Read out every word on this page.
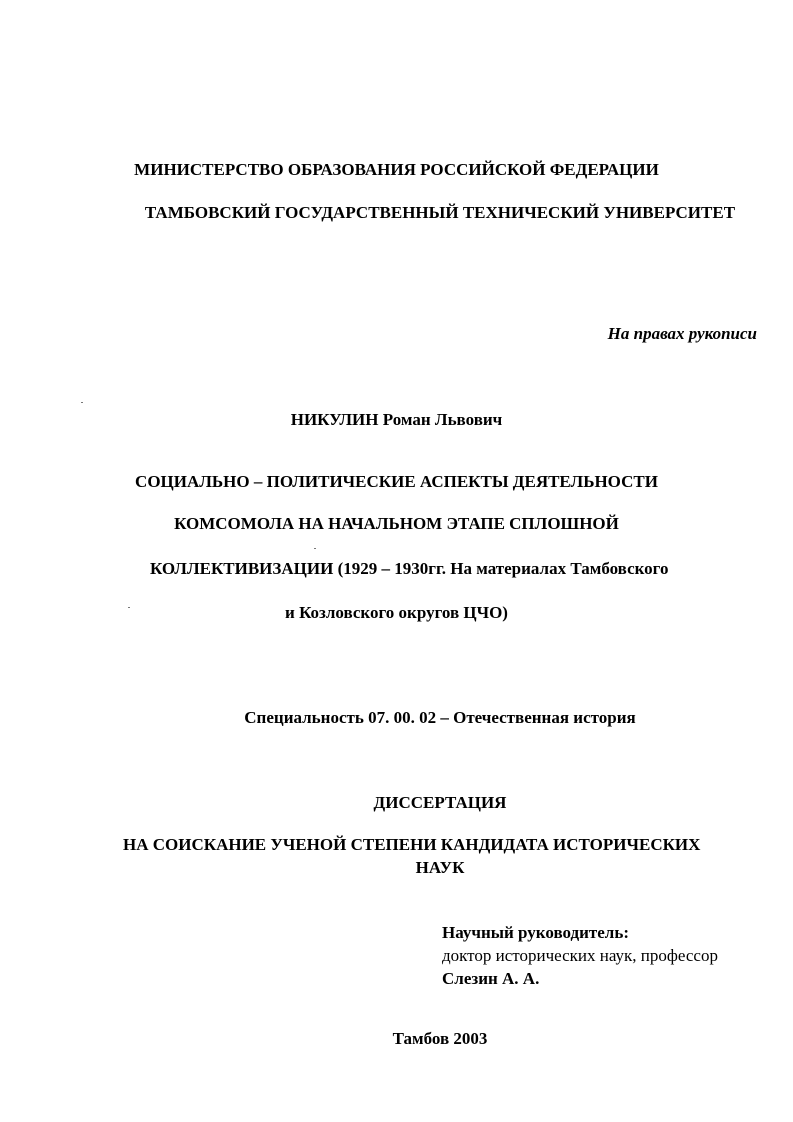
МИНИСТЕРСТВО ОБРАЗОВАНИЯ РОССИЙСКОЙ ФЕДЕРАЦИИ
ТАМБОВСКИЙ ГОСУДАРСТВЕННЫЙ ТЕХНИЧЕСКИЙ УНИВЕРСИТЕТ
На правах рукописи
НИКУЛИН Роман Львович
СОЦИАЛЬНО – ПОЛИТИЧЕСКИЕ АСПЕКТЫ ДЕЯТЕЛЬНОСТИ
КОМСОМОЛА НА НАЧАЛЬНОМ ЭТАПЕ СПЛОШНОЙ
КОЛЛЕКТИВИЗАЦИИ (1929 – 1930гг. На материалах Тамбовского
и Козловского округов ЦЧО)
Специальность 07. 00. 02 – Отечественная история
ДИССЕРТАЦИЯ
НА СОИСКАНИЕ УЧЕНОЙ СТЕПЕНИ КАНДИДАТА ИСТОРИЧЕСКИХ
НАУК
Научный руководитель:
доктор исторических наук, профессор
Слезин А. А.
Тамбов 2003
